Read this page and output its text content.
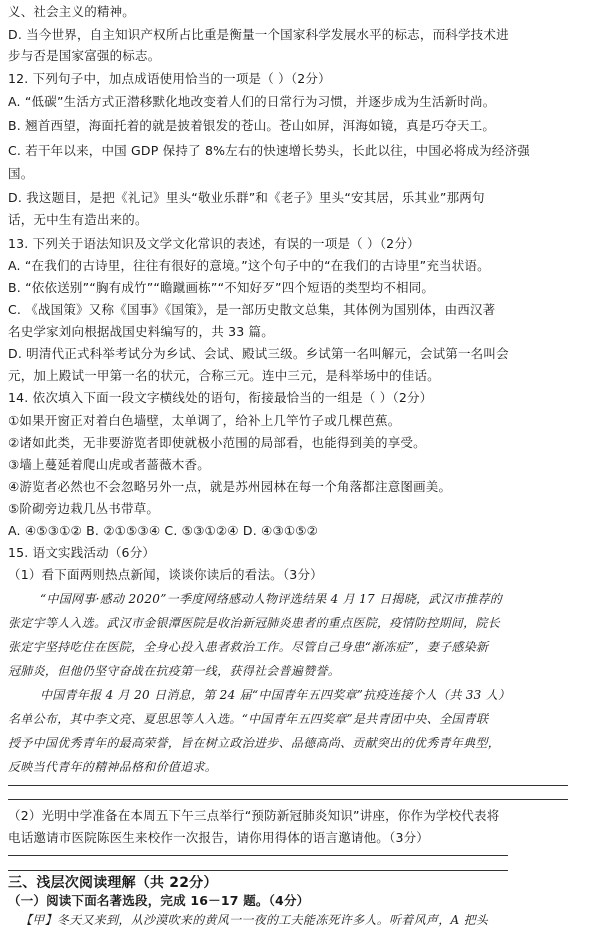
义、社会主义的精神。
D. 当今世界，自主知识产权所占比重是衡量一个国家科学发展水平的标志，而科学技术进
步与否是国家富强的标志。
12. 下列句子中，加点成语使用恰当的一项是（ ）（2分）
A. “低碳”生活方式正潜移默化地改变着人们的日常行为习惯，并逐步成为生活新时尚。
B. 翘首西望，海面托着的就是披着银发的苍山。苍山如屏，洱海如镜，真是巧夺天工。
C. 若干年以来，中国 GDP 保持了 8%左右的快速增长势头，长此以往，中国必将成为经济强
国。
D. 我这题目，是把《礼记》里头“敬业乐群”和《老子》里头“安其居，乐其业”那两句
话，无中生有造出来的。
13. 下列关于语法知识及文学文化常识的表述，有误的一项是（ ）（2分）
A. “在我们的古诗里，往往有很好的意境。”这个句子中的“在我们的古诗里”充当状语。
B. “依依送别”“胸有成竹”“瞻蹴画栋”“不知好歹”四个短语的类型均不相同。
C. 《战国策》又称《国事》《国策》，是一部历史散文总集，其体例为国别体，由西汉著
名史学家刘向根据战国史料编写的，共 33 篇。
D. 明清代正式科举考试分为乡试、会试、殿试三级。乡试第一名叫解元，会试第一名叫会
元，加上殿试一甲第一名的状元，合称三元。连中三元，是科举场中的佳话。
14. 依次填入下面一段文字横线处的语句，衔接最恰当的一组是（ ）（2分）
①如果开窗正对着白色墙壁，太单调了，给补上几竿竹子或几棵芭蕉。
②诸如此类，无非要游览者即使就极小范围的局部看，也能得到美的享受。
③墙上蔓延着爬山虎或者蔷薇木香。
④游览者必然也不会忽略另外一点，就是苏州园林在每一个角落都注意图画美。
⑤阶砌旁边栽几丛书带草。
A. ④⑤③①② B. ②①⑤③④ C. ⑤③①②④ D. ④③①⑤②
15. 语文实践活动（6分）
（1）看下面两则热点新闻，谈谈你读后的看法。（3分）
“中国网事·感动 2020”一季度网络感动人物评选结果 4 月 17 日揭晓，武汉市推荐的
张定宇等人入选。武汉市金银潭医院是收治新冠肺炎患者的重点医院，疫情防控期间，院长
张定宇坚持吃住在医院，全身心投入患者救治工作。尽管自己身患“渐冻症”，妻子感染新
冠肺炎，但他仍坚守奋战在抗疫第一线，获得社会普遍赞誉。
中国青年报 4 月 20 日消息，第 24 届“中国青年五四奖章”抗疫连接个人（共 33 人）
名单公布，其中李文亮、夏思思等人入选。“中国青年五四奖章”是共青团中央、全国青联
授予中国优秀青年的最高荣誉，旨在树立政治进步、品德高尚、贡献突出的优秀青年典型，
反映当代青年的精神品格和价值追求。
（2）光明中学准备在本周五下午三点举行“预防新冠肺炎知识”讲座，你作为学校代表将
电话邀请市医院陈医生来校作一次报告，请你用得体的语言邀请他。（3分）
三、浅层次阅读理解（共 22分）
（一）阅读下面名著选段，完成 16－17 题。（4分）
【甲】冬天又来到，从沙漠吹来的黄风一一夜的工夫能冻死许多人。听着风声，A 把头
